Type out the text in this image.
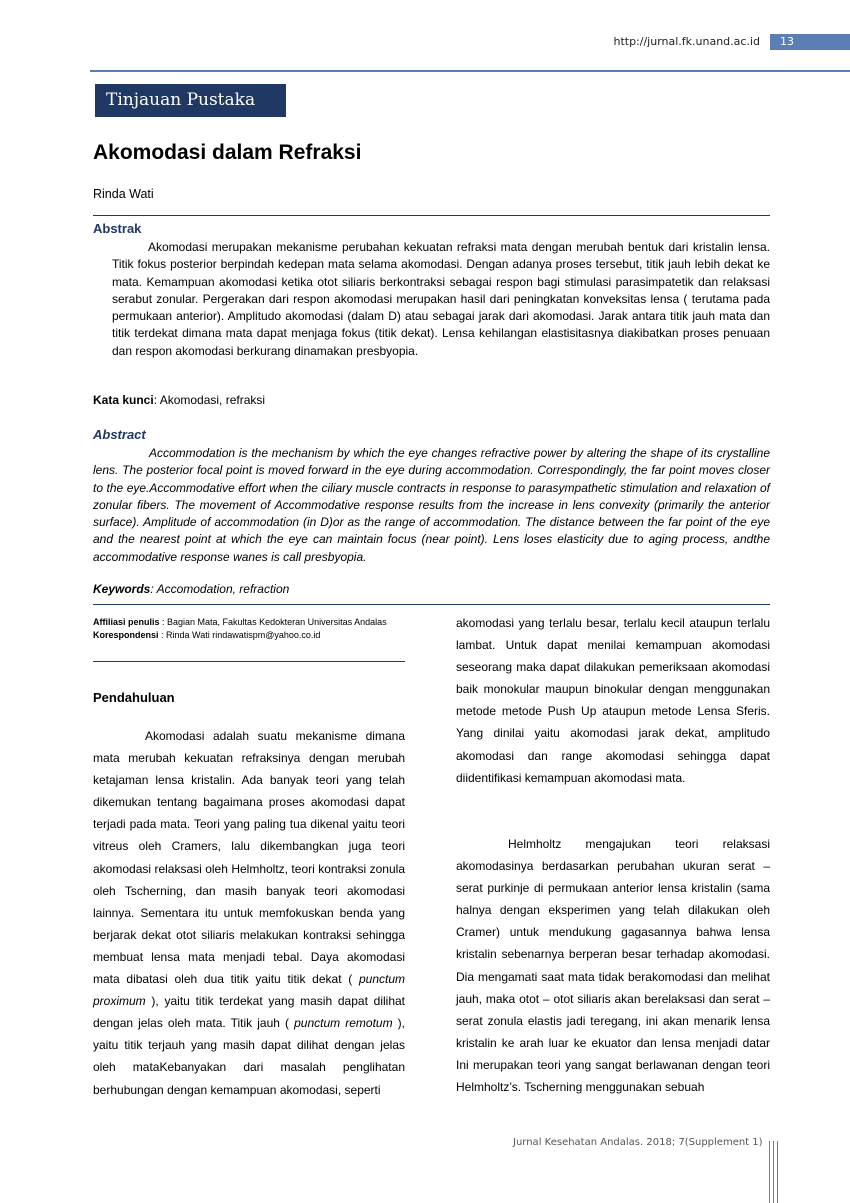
http://jurnal.fk.unand.ac.id	13
Tinjauan Pustaka
Akomodasi dalam Refraksi
Rinda Wati
Abstrak
Akomodasi merupakan mekanisme perubahan kekuatan refraksi mata dengan merubah bentuk dari kristalin lensa. Titik fokus posterior berpindah kedepan mata selama akomodasi. Dengan adanya proses tersebut, titik jauh lebih dekat ke mata. Kemampuan akomodasi ketika otot siliaris berkontraksi sebagai respon bagi stimulasi parasimpatetik dan relaksasi serabut zonular. Pergerakan dari respon akomodasi merupakan hasil dari peningkatan konveksitas lensa ( terutama pada permukaan anterior). Amplitudo akomodasi (dalam D) atau sebagai jarak dari akomodasi. Jarak antara titik jauh mata dan titik terdekat dimana mata dapat menjaga fokus (titik dekat). Lensa kehilangan elastisitasnya diakibatkan proses penuaan dan respon akomodasi berkurang dinamakan presbyopia.
Kata kunci: Akomodasi, refraksi
Abstract
Accommodation is the mechanism by which the eye changes refractive power by altering the shape of its crystalline lens. The posterior focal point is moved forward in the eye during accommodation. Correspondingly, the far point moves closer to the eye.Accommodative effort when the ciliary muscle contracts in response to parasympathetic stimulation and relaxation of zonular fibers. The movement of Accommodative response results from the increase in lens convexity (primarily the anterior surface). Amplitude of accommodation (in D)or as the range of accommodation. The distance between the far point of the eye and the nearest point at which the eye can maintain focus (near point). Lens loses elasticity due to aging process, andthe accommodative response wanes is call presbyopia.
Keywords: Accomodation, refraction
Affiliasi penulis : Bagian Mata, Fakultas Kedokteran Universitas Andalas
Korespondensi : Rinda Wati rindawatispm@yahoo.co.id
Pendahuluan
Akomodasi adalah suatu mekanisme dimana mata merubah kekuatan refraksinya dengan merubah ketajaman lensa kristalin. Ada banyak teori yang telah dikemukan tentang bagaimana proses akomodasi dapat terjadi pada mata. Teori yang paling tua dikenal yaitu teori vitreus oleh Cramers, lalu dikembangkan juga teori akomodasi relaksasi oleh Helmholtz, teori kontraksi zonula oleh Tscherning, dan masih banyak teori akomodasi lainnya. Sementara itu untuk memfokuskan benda yang berjarak dekat otot siliaris melakukan kontraksi sehingga membuat lensa mata menjadi tebal. Daya akomodasi mata dibatasi oleh dua titik yaitu titik dekat ( punctum proximum ), yaitu titik terdekat yang masih dapat dilihat dengan jelas oleh mata. Titik jauh ( punctum remotum ), yaitu titik terjauh yang masih dapat dilihat dengan jelas oleh mataKebanyakan dari masalah penglihatan berhubungan dengan kemampuan akomodasi, seperti
akomodasi yang terlalu besar, terlalu kecil ataupun terlalu lambat. Untuk dapat menilai kemampuan akomodasi seseorang maka dapat dilakukan pemeriksaan akomodasi baik monokular maupun binokular dengan menggunakan metode metode Push Up ataupun metode Lensa Sferis. Yang dinilai yaitu akomodasi jarak dekat, amplitudo akomodasi dan range akomodasi sehingga dapat diidentifikasi kemampuan akomodasi mata.
Helmholtz mengajukan teori relaksasi akomodasinya berdasarkan perubahan ukuran serat – serat purkinje di permukaan anterior lensa kristalin (sama halnya dengan eksperimen yang telah dilakukan oleh Cramer) untuk mendukung gagasannya bahwa lensa kristalin sebenarnya berperan besar terhadap akomodasi. Dia mengamati saat mata tidak berakomodasi dan melihat jauh, maka otot – otot siliaris akan berelaksasi dan serat – serat zonula elastis jadi teregang, ini akan menarik lensa kristalin ke arah luar ke ekuator dan lensa menjadi datar Ini merupakan teori yang sangat berlawanan dengan teori Helmholtz’s. Tscherning menggunakan sebuah
Jurnal Kesehatan Andalas. 2018; 7(Supplement 1)
